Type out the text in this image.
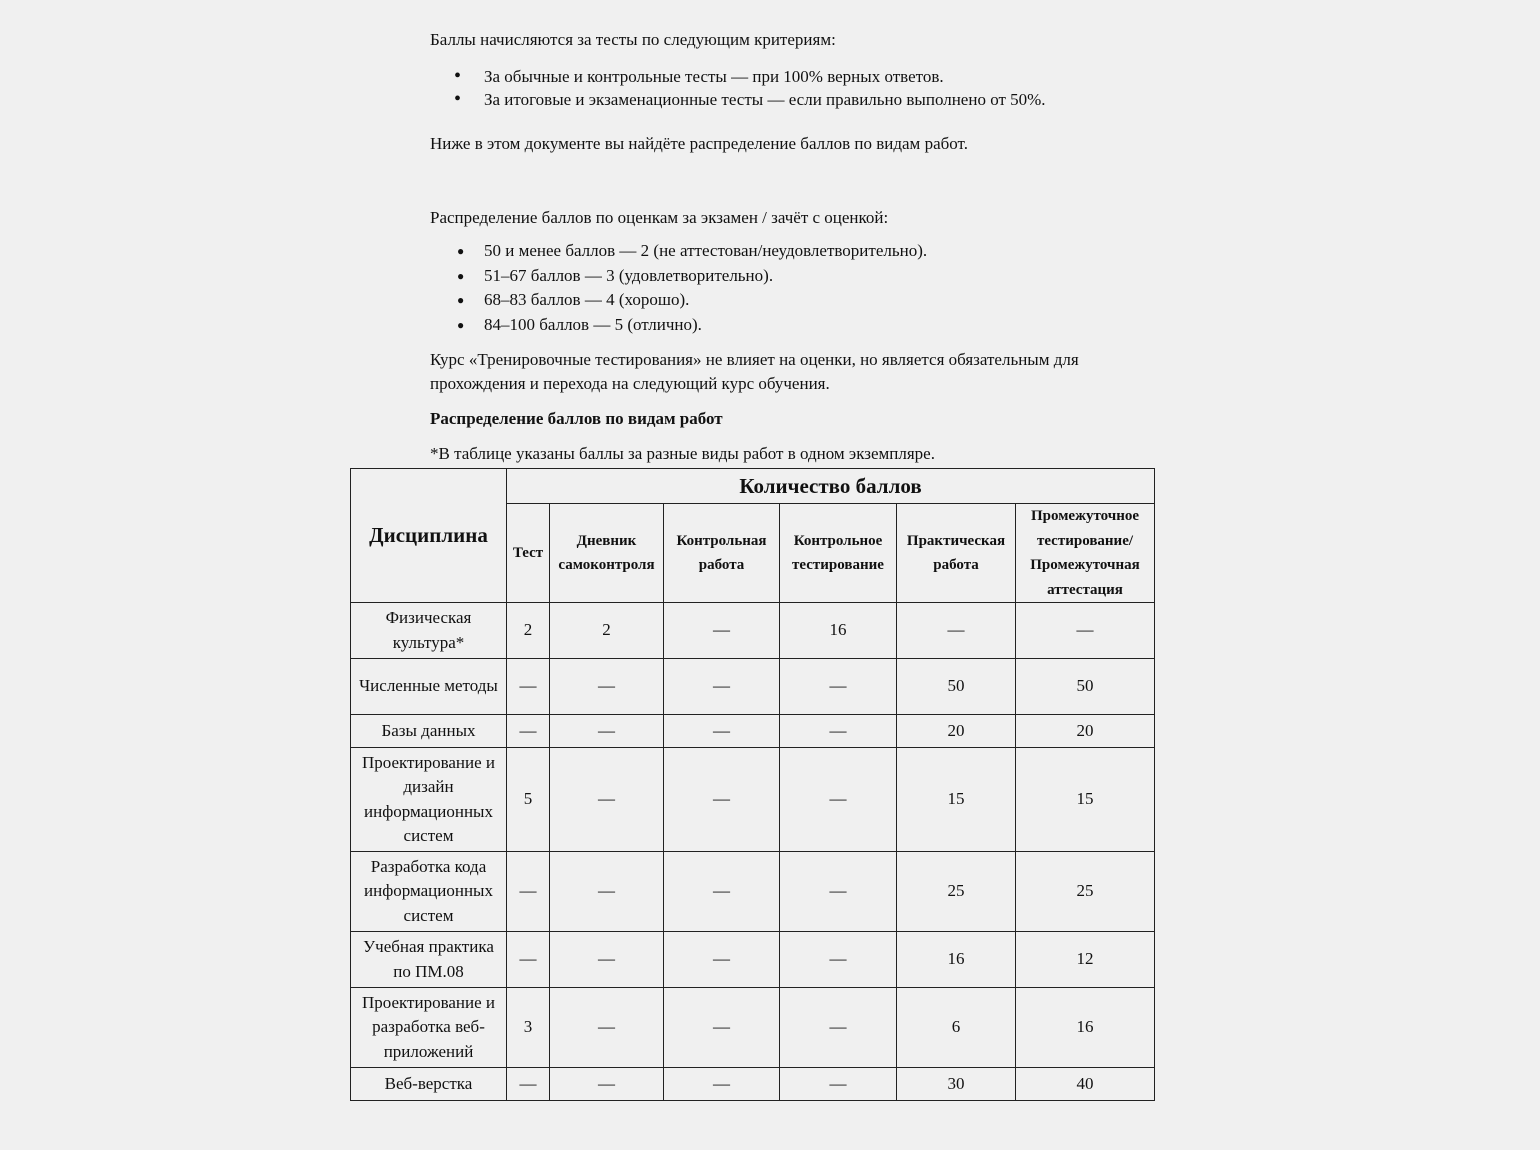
Баллы начисляются за тесты по следующим критериям:
• За обычные и контрольные тесты — при 100% верных ответов.
• За итоговые и экзаменационные тесты — если правильно выполнено от 50%.
Ниже в этом документе вы найдёте распределение баллов по видам работ.
Распределение баллов по оценкам за экзамен / зачёт с оценкой:
● 50 и менее баллов — 2 (не аттестован/неудовлетворительно).
● 51–67 баллов — 3 (удовлетворительно).
● 68–83 баллов — 4 (хорошо).
● 84–100 баллов — 5 (отлично).
Курс «Тренировочные тестирования» не влияет на оценки, но является обязательным для
прохождения и перехода на следующий курс обучения.
Распределение баллов по видам работ
*В таблице указаны баллы за разные виды работ в одном экземпляре.
Дисциплина	Количество баллов					
	Тест	Дневник самоконтроля	Контрольная работа	Контрольное тестирование	Практическая работа	Промежуточное тестирование/ Промежуточная аттестация
Физическая культура*	2	2	—	16	—	—
Численные методы	—	—	—	—	50	50
Базы данных	—	—	—	—	20	20
Проектирование и дизайн информационных систем	5	—	—	—	15	15
Разработка кода информационных систем	—	—	—	—	25	25
Учебная практика по ПМ.08	—	—	—	—	16	12
Проектирование и разработка веб-приложений	3	—	—	—	6	16
Веб-верстка	—	—	—	—	30	40
